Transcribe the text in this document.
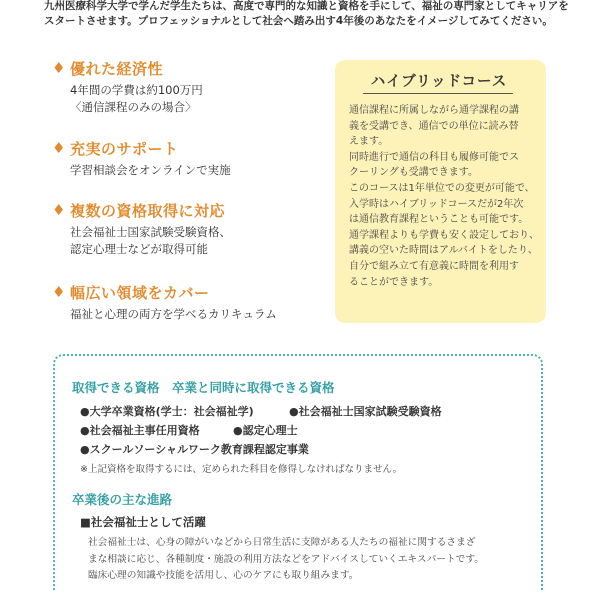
九州医療科学大学で学んだ学生たちは、高度で専門的な知識と資格を手にして、福祉の専門家としてキャリアを
スタートさせます。プロフェッショナルとして社会へ踏み出す4年後のあなたをイメージしてみてください。
♦ 優れた経済性
4年間の学費は約100万円
〈通信課程のみの場合〉
♦ 充実のサポート
学習相談会をオンラインで実施
♦ 複数の資格取得に対応
社会福祉士国家試験受験資格、
認定心理士などが取得可能
♦ 幅広い領域をカバー
福祉と心理の両方を学べるカリキュラム
ハイブリッドコース
通信課程に所属しながら通学課程の講
義を受講でき、通信での単位に読み替
えます。
同時進行で通信の科目も履修可能でス
クーリングも受講できます。
このコースは1年単位での変更が可能で、
入学時はハイブリッドコースだが2年次
は通信教育課程ということも可能です。
通学課程よりも学費も安く設定しており、
講義の空いた時間はアルバイトをしたり、
自分で組み立て有意義に時間を利用す
ることができます。
取得できる資格　卒業と同時に取得できる資格
●大学卒業資格(学士：社会福祉学)	●社会福祉士国家試験受験資格
●社会福祉主事任用資格	●認定心理士
●スクールソーシャルワーク教育課程認定事業
※上記資格を取得するには、定められた科目を修得しなければなりません。
卒業後の主な進路
■社会福祉士として活躍
社会福祉士は、心身の障がいなどから日常生活に支障がある人たちの福祉に関するさまざ
まな相談に応じ、各種制度・施設の利用方法などをアドバイスしていくエキスパートです。
臨床心理の知識や技能を活用し、心のケアにも取り組みます。
